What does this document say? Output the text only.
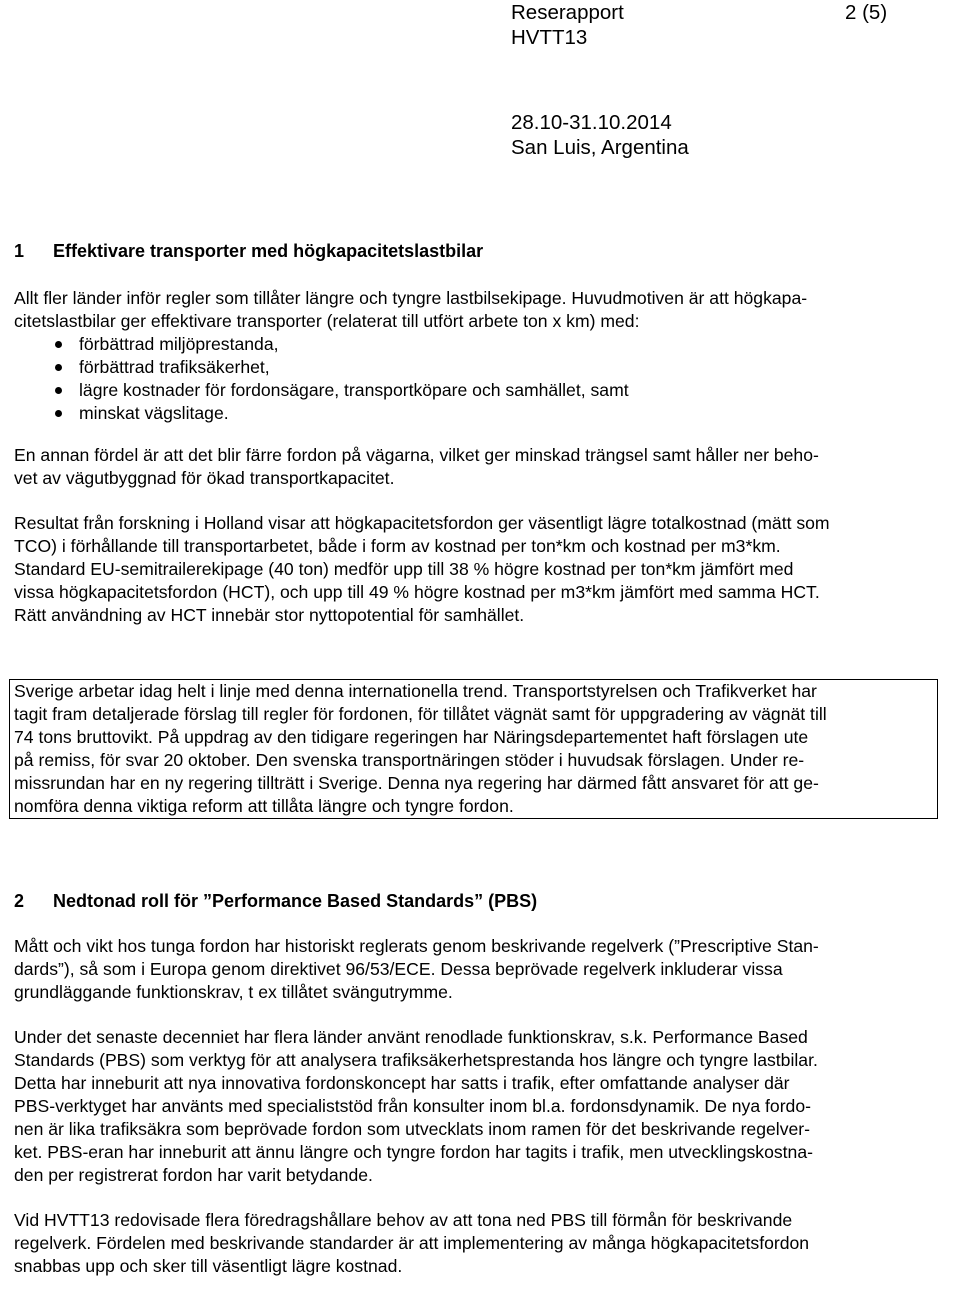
Reserapport	2 (5)
HVTT13
28.10-31.10.2014
San Luis, Argentina
1	Effektivare transporter med högkapacitetslastbilar

Allt fler länder inför regler som tillåter längre och tyngre lastbilsekipage. Huvudmotiven är att högkapa-
citetslastbilar ger effektivare transporter (relaterat till utfört arbete ton x km) med:

förbättrad miljöprestanda,
förbättrad trafiksäkerhet,
lägre kostnader för fordonsägare, transportköpare och samhället, samt
minskat vägslitage.

En annan fördel är att det blir färre fordon på vägarna, vilket ger minskad trängsel samt håller ner beho-
vet av vägutbyggnad för ökad transportkapacitet.

Resultat från forskning i Holland visar att högkapacitetsfordon ger väsentligt lägre totalkostnad (mätt som
TCO) i förhållande till transportarbetet, både i form av kostnad per ton*km och kostnad per m3*km.
Standard EU-semitrailerekipage (40 ton) medför upp till 38 % högre kostnad per ton*km jämfört med
vissa högkapacitetsfordon (HCT), och upp till 49 % högre kostnad per m3*km jämfört med samma HCT.
Rätt användning av HCT innebär stor nyttopotential för samhället.

Sverige arbetar idag helt i linje med denna internationella trend. Transportstyrelsen och Trafikverket har
tagit fram detaljerade förslag till regler för fordonen, för tillåtet vägnät samt för uppgradering av vägnät till
74 tons bruttovikt. På uppdrag av den tidigare regeringen har Näringsdepartementet haft förslagen ute
på remiss, för svar 20 oktober. Den svenska transportnäringen stöder i huvudsak förslagen. Under re-
missrundan har en ny regering tillträtt i Sverige. Denna nya regering har därmed fått ansvaret för att ge-
nomföra denna viktiga reform att tillåta längre och tyngre fordon.

2	Nedtonad roll för ”Performance Based Standards” (PBS)

Mått och vikt hos tunga fordon har historiskt reglerats genom beskrivande regelverk (”Prescriptive Stan-
dards”), så som i Europa genom direktivet 96/53/ECE. Dessa beprövade regelverk inkluderar vissa
grundläggande funktionskrav, t ex tillåtet svängutrymme.

Under det senaste decenniet har flera länder använt renodlade funktionskrav, s.k. Performance Based
Standards (PBS) som verktyg för att analysera trafiksäkerhetsprestanda hos längre och tyngre lastbilar.
Detta har inneburit att nya innovativa fordonskoncept har satts i trafik, efter omfattande analyser där
PBS-verktyget har använts med specialiststöd från konsulter inom bl.a. fordonsdynamik. De nya fordo-
nen är lika trafiksäkra som beprövade fordon som utvecklats inom ramen för det beskrivande regelver-
ket. PBS-eran har inneburit att ännu längre och tyngre fordon har tagits i trafik, men utvecklingskostna-
den per registrerat fordon har varit betydande.

Vid HVTT13 redovisade flera föredragshållare behov av att tona ned PBS till förmån för beskrivande
regelverk. Fördelen med beskrivande standarder är att implementering av många högkapacitetsfordon
snabbas upp och sker till väsentligt lägre kostnad.
